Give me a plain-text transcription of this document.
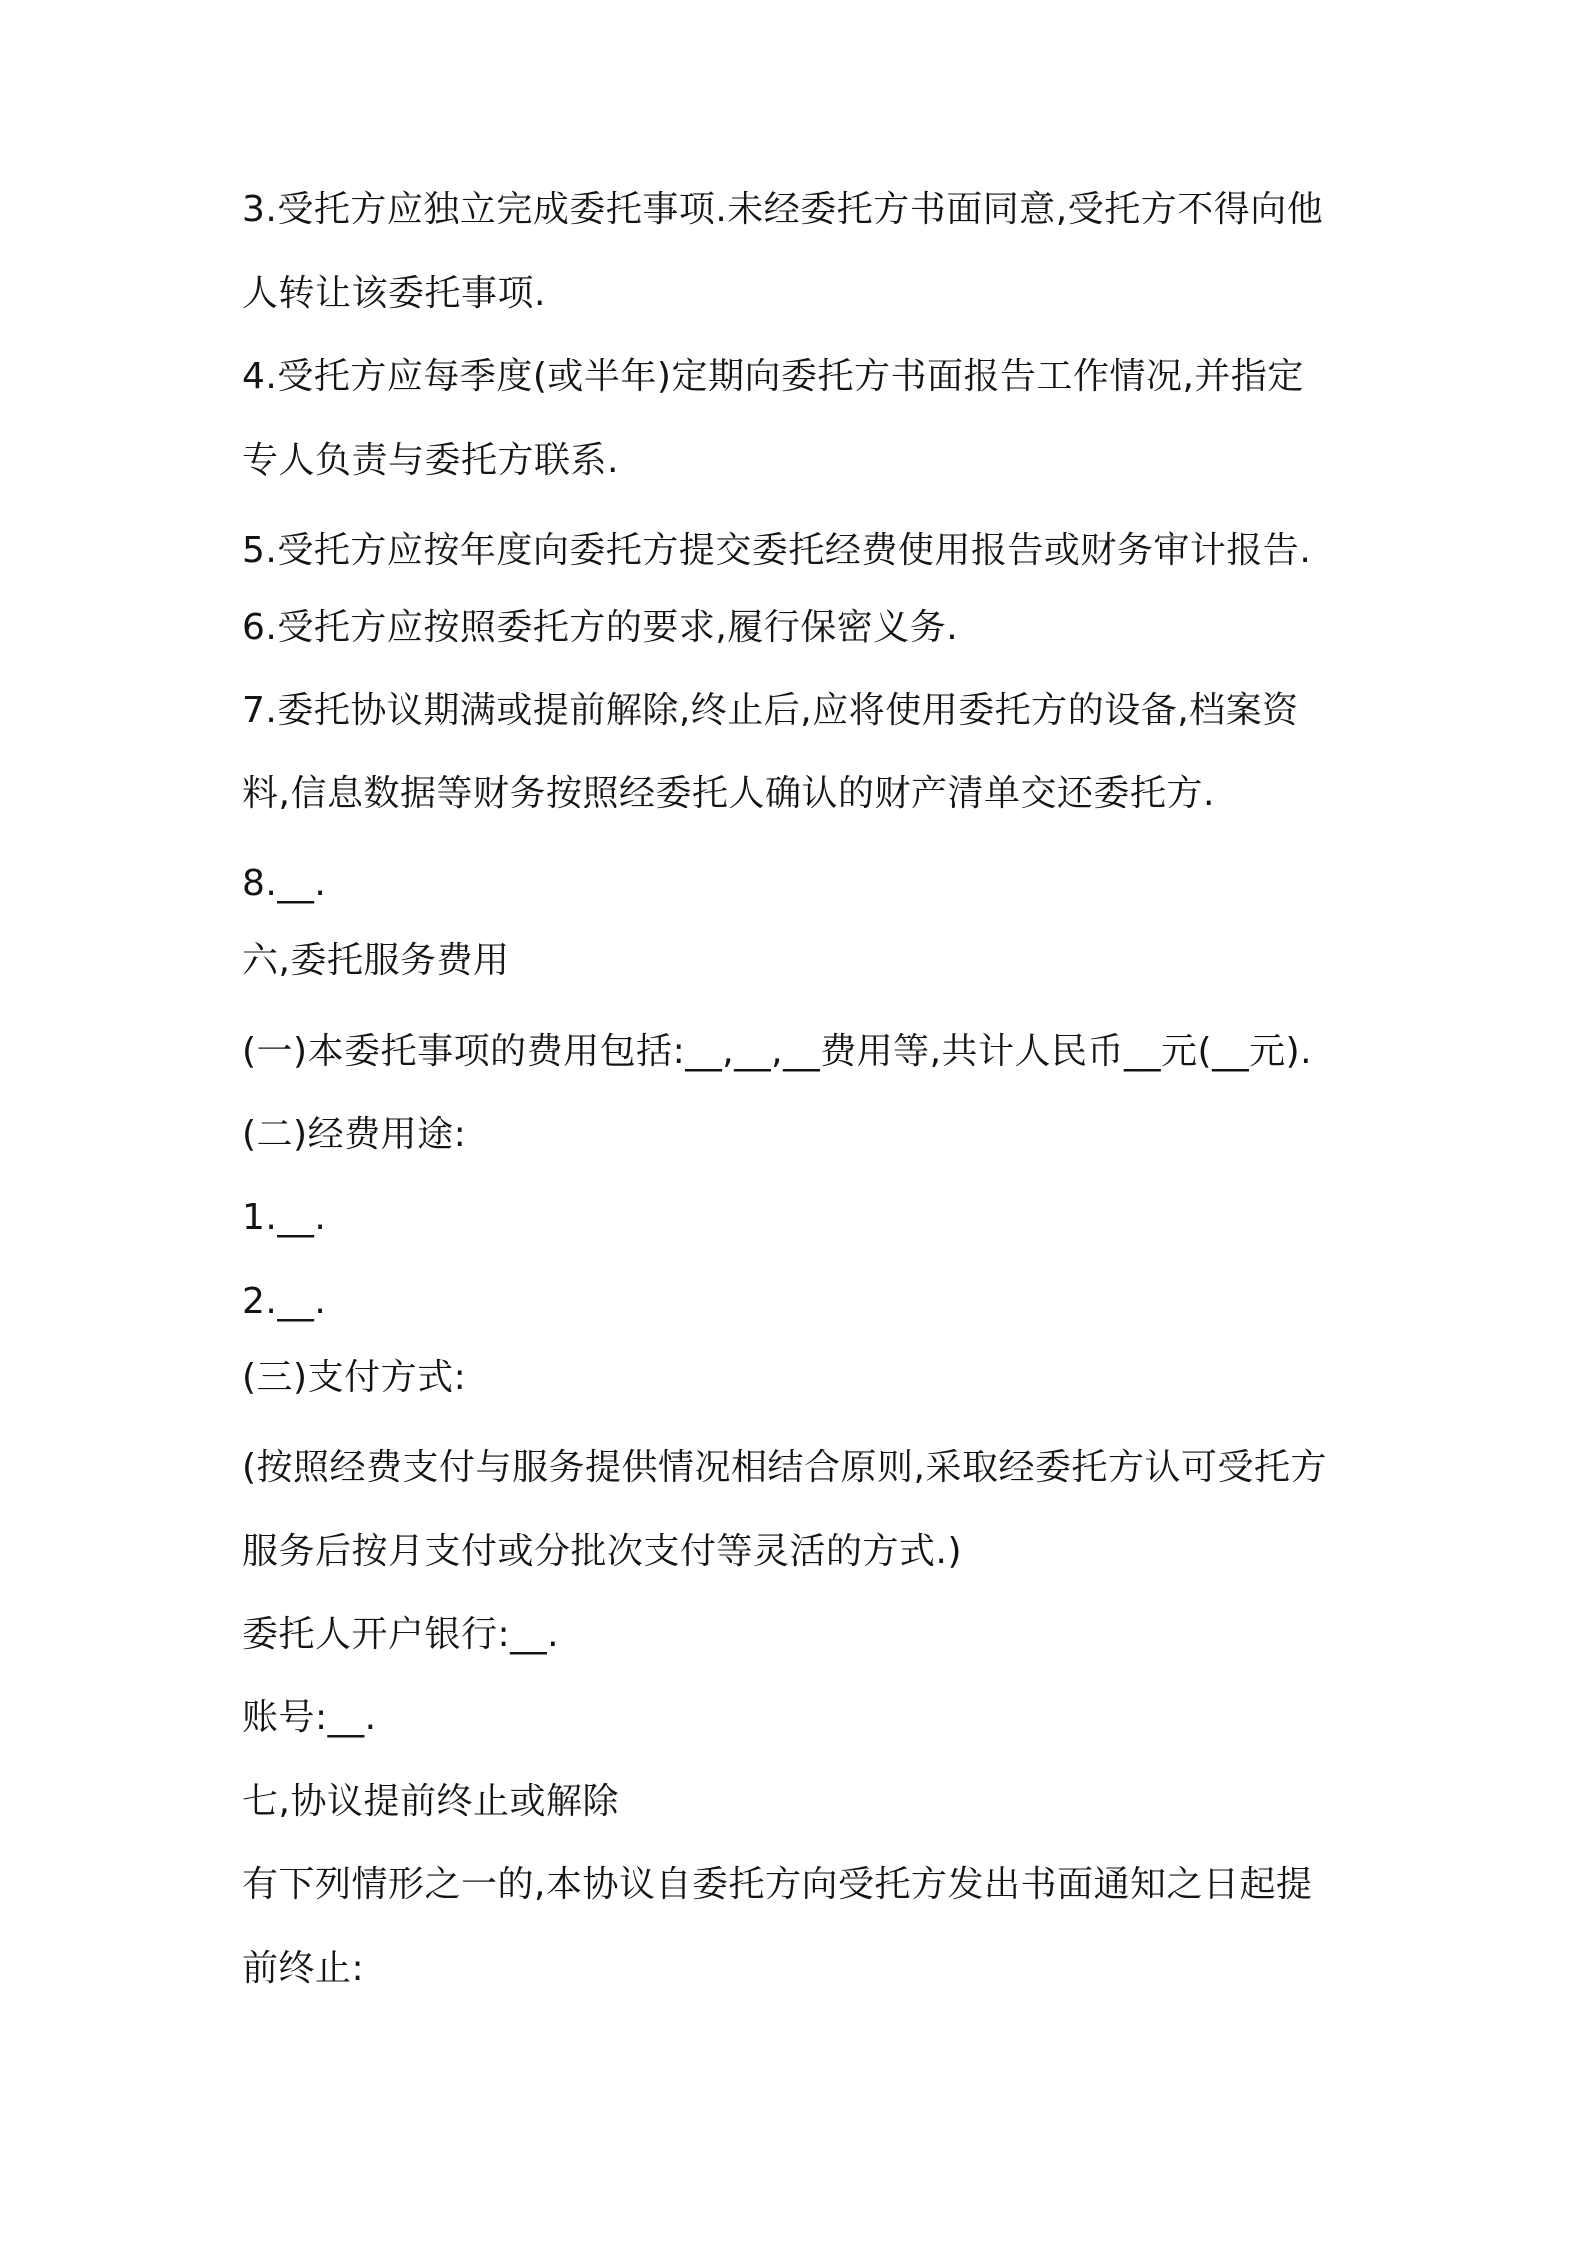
3.受托方应独立完成委托事项.未经委托方书面同意,受托方不得向他
人转让该委托事项.
4.受托方应每季度(或半年)定期向委托方书面报告工作情况,并指定
专人负责与委托方联系.
5.受托方应按年度向委托方提交委托经费使用报告或财务审计报告.
6.受托方应按照委托方的要求,履行保密义务.
7.委托协议期满或提前解除,终止后,应将使用委托方的设备,档案资
料,信息数据等财务按照经委托人确认的财产清单交还委托方.
8.__.
六,委托服务费用
(一)本委托事项的费用包括:__,__,__费用等,共计人民币__元(__元).
(二)经费用途:
1.__.
2.__.
(三)支付方式:
(按照经费支付与服务提供情况相结合原则,采取经委托方认可受托方
服务后按月支付或分批次支付等灵活的方式.)
委托人开户银行:__.
账号:__.
七,协议提前终止或解除
有下列情形之一的,本协议自委托方向受托方发出书面通知之日起提
前终止:
